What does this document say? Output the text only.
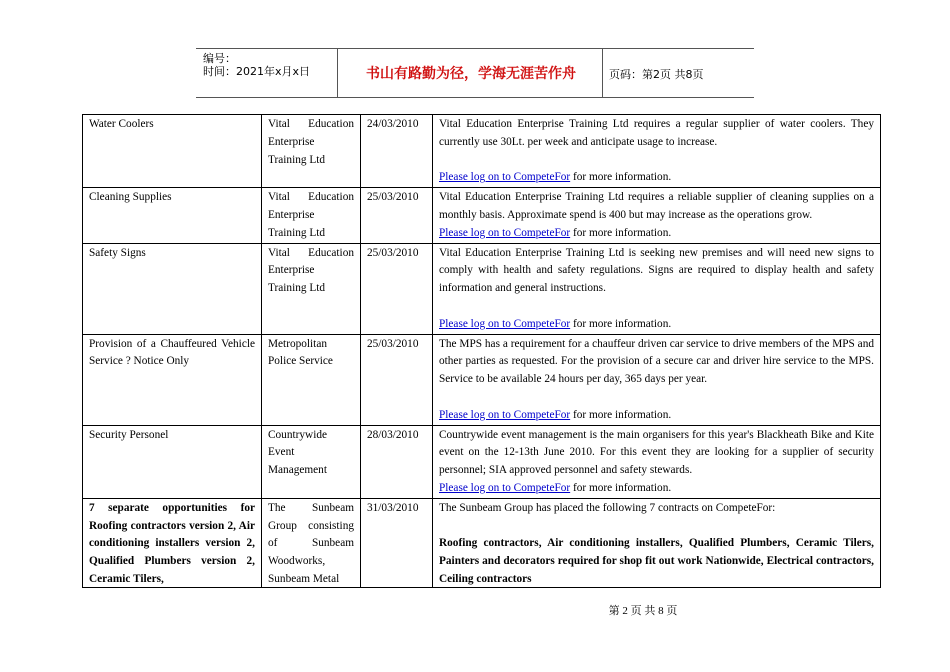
编号：
时间：2021年x月x日	书山有路勤为径，学海无涯苦作舟	页码：第2页 共8页
Water Coolers	Vital Education Enterprise Training Ltd	24/03/2010	Vital Education Enterprise Training Ltd requires a regular supplier of water coolers. They currently use 30Lt. per week and anticipate usage to increase.
Please log on to CompeteFor for more information.

Cleaning Supplies	Vital Education Enterprise Training Ltd	25/03/2010	Vital Education Enterprise Training Ltd requires a reliable supplier of cleaning supplies on a monthly basis. Approximate spend is 400 but may increase as the operations grow.
Please log on to CompeteFor for more information.

Safety Signs	Vital Education Enterprise Training Ltd	25/03/2010	Vital Education Enterprise Training Ltd is seeking new premises and will need new signs to comply with health and safety regulations. Signs are required to display health and safety information and general instructions.
Please log on to CompeteFor for more information.

Provision of a Chauffeured Vehicle Service ? Notice Only	Metropolitan Police Service	25/03/2010	The MPS has a requirement for a chauffeur driven car service to drive members of the MPS and other parties as requested. For the provision of a secure car and driver hire service to the MPS. Service to be available 24 hours per day, 365 days per year.
Please log on to CompeteFor for more information.

Security Personel	Countrywide Event Management	28/03/2010	Countrywide event management is the main organisers for this year's Blackheath Bike and Kite event on the 12-13th June 2010. For this event they are looking for a supplier of security personnel; SIA approved personnel and safety stewards.
Please log on to CompeteFor for more information.

7 separate opportunities for Roofing contractors version 2, Air conditioning installers version 2, Qualified Plumbers version 2, Ceramic Tilers,	The Sunbeam Group consisting of Sunbeam Woodworks, Sunbeam Metal	31/03/2010	The Sunbeam Group has placed the following 7 contracts on CompeteFor:
Roofing contractors, Air conditioning installers, Qualified Plumbers, Ceramic Tilers, Painters and decorators required for shop fit out work Nationwide, Electrical contractors, Ceiling contractors
第 2 页 共 8 页
